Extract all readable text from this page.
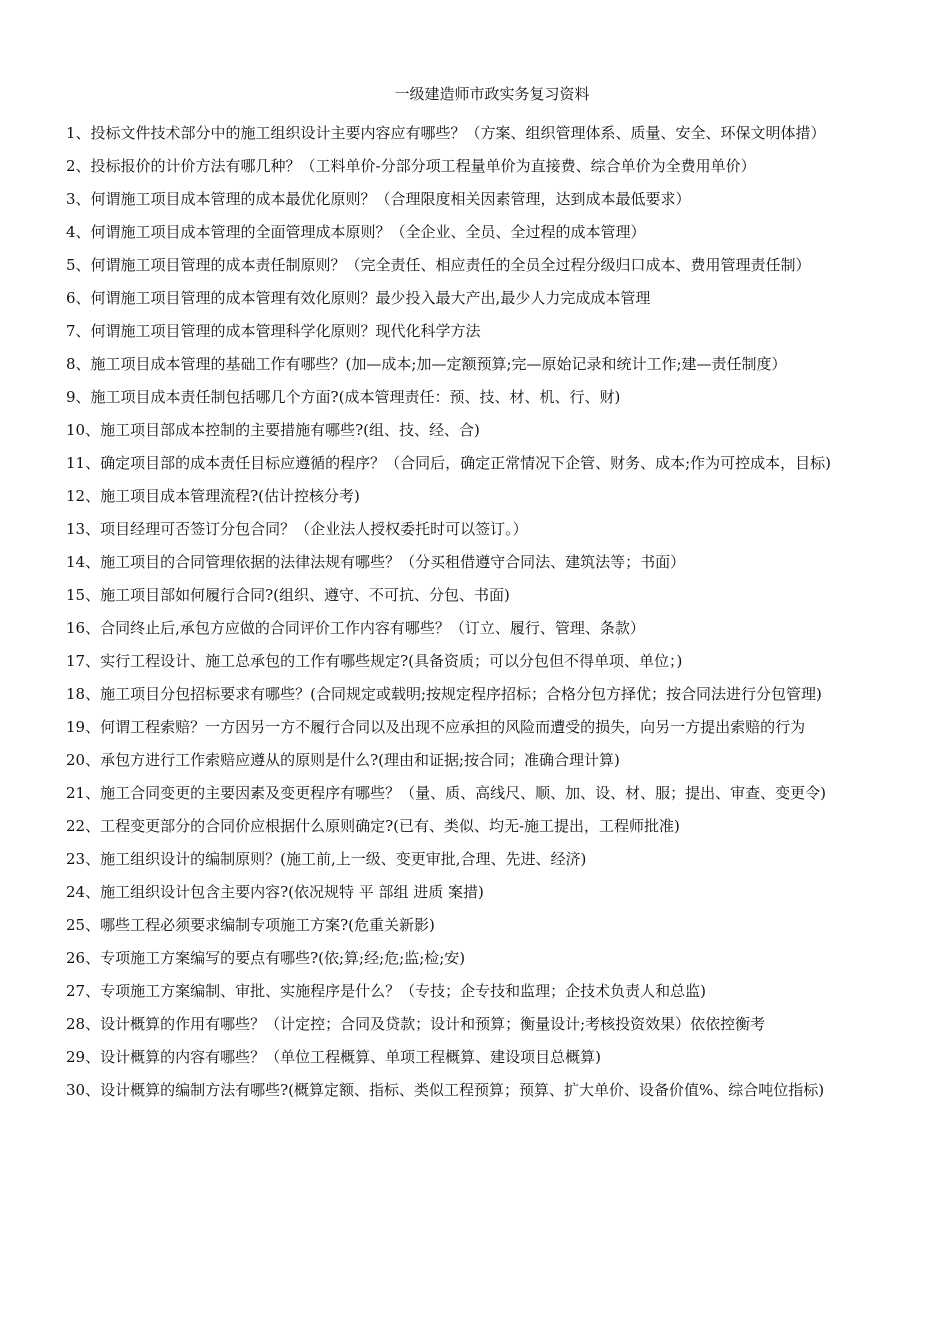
一级建造师市政实务复习资料
1、投标文件技术部分中的施工组织设计主要内容应有哪些？（方案、组织管理体系、质量、安全、环保文明体措）
2、投标报价的计价方法有哪几种？（工料单价-分部分项工程量单价为直接费、综合单价为全费用单价）
3、何谓施工项目成本管理的成本最优化原则？（合理限度相关因素管理，达到成本最低要求）
4、何谓施工项目成本管理的全面管理成本原则？（全企业、全员、全过程的成本管理）
5、何谓施工项目管理的成本责任制原则？（完全责任、相应责任的全员全过程分级归口成本、费用管理责任制）
6、何谓施工项目管理的成本管理有效化原则？最少投入最大产出,最少人力完成成本管理
7、何谓施工项目管理的成本管理科学化原则？现代化科学方法
8、施工项目成本管理的基础工作有哪些？(加—成本;加—定额预算;完—原始记录和统计工作;建—责任制度）
9、施工项目成本责任制包括哪几个方面?(成本管理责任：预、技、材、机、行、财)
10、施工项目部成本控制的主要措施有哪些?(组、技、经、合)
11、确定项目部的成本责任目标应遵循的程序？（合同后，确定正常情况下企管、财务、成本;作为可控成本，目标)
12、施工项目成本管理流程?(估计控核分考)
13、项目经理可否签订分包合同？（企业法人授权委托时可以签订。）
14、施工项目的合同管理依据的法律法规有哪些？（分买租借遵守合同法、建筑法等；书面）
15、施工项目部如何履行合同?(组织、遵守、不可抗、分包、书面)
16、合同终止后,承包方应做的合同评价工作内容有哪些？（订立、履行、管理、条款）
17、实行工程设计、施工总承包的工作有哪些规定?(具备资质；可以分包但不得单项、单位；)
18、施工项目分包招标要求有哪些？(合同规定或载明;按规定程序招标；合格分包方择优；按合同法进行分包管理)
19、何谓工程索赔？一方因另一方不履行合同以及出现不应承担的风险而遭受的损失，向另一方提出索赔的行为
20、承包方进行工作索赔应遵从的原则是什么?(理由和证据;按合同；准确合理计算)
21、施工合同变更的主要因素及变更程序有哪些？（量、质、高线尺、顺、加、设、材、服；提出、审查、变更令)
22、工程变更部分的合同价应根据什么原则确定?(已有、类似、均无-施工提出，工程师批准)
23、施工组织设计的编制原则？(施工前,上一级、变更审批,合理、先进、经济)
24、施工组织设计包含主要内容?(依况规特 平 部组 进质 案措)
25、哪些工程必须要求编制专项施工方案?(危重关新影)
26、专项施工方案编写的要点有哪些?(依;算;经;危;监;检;安)
27、专项施工方案编制、审批、实施程序是什么？（专技；企专技和监理；企技术负责人和总监)
28、设计概算的作用有哪些？（计定控；合同及贷款；设计和预算；衡量设计;考核投资效果）依依控衡考
29、设计概算的内容有哪些？（单位工程概算、单项工程概算、建设项目总概算)
30、设计概算的编制方法有哪些?(概算定额、指标、类似工程预算；预算、扩大单价、设备价值%、综合吨位指标)
